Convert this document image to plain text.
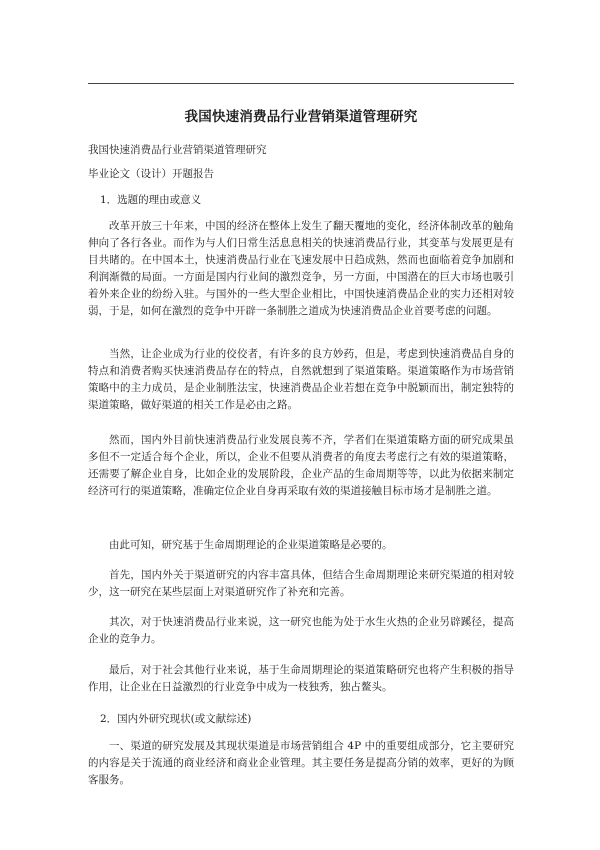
我国快速消费品行业营销渠道管理研究
我国快速消费品行业营销渠道管理研究
毕业论文（设计）开题报告
1．选题的理由或意义

改革开放三十年来，中国的经济在整体上发生了翻天覆地的变化，经济体制改革的触角伸向了各行各业。而作为与人们日常生活息息相关的快速消费品行业，其变革与发展更是有目共睹的。在中国本土，快速消费品行业在飞速发展中日趋成熟，然而也面临着竞争加剧和利润渐微的局面。一方面是国内行业间的激烈竞争，另一方面，中国潜在的巨大市场也吸引着外来企业的纷纷入驻。与国外的一些大型企业相比，中国快速消费品企业的实力还相对较弱，于是，如何在激烈的竞争中开辟一条制胜之道成为快速消费品企业首要考虑的问题。

当然，让企业成为行业的佼佼者，有许多的良方妙药，但是，考虑到快速消费品自身的特点和消费者购买快速消费品存在的特点，自然就想到了渠道策略。渠道策略作为市场营销策略中的主力成员，是企业制胜法宝，快速消费品企业若想在竞争中脱颖而出，制定独特的渠道策略，做好渠道的相关工作是必由之路。

然而，国内外目前快速消费品行业发展良莠不齐，学者们在渠道策略方面的研究成果虽多但不一定适合每个企业，所以，企业不但要从消费者的角度去考虑行之有效的渠道策略，还需要了解企业自身，比如企业的发展阶段，企业产品的生命周期等等，以此为依据来制定经济可行的渠道策略，准确定位企业自身再采取有效的渠道接触目标市场才是制胜之道。

由此可知，研究基于生命周期理论的企业渠道策略是必要的。

首先，国内外关于渠道研究的内容丰富具体，但结合生命周期理论来研究渠道的相对较少，这一研究在某些层面上对渠道研究作了补充和完善。

其次，对于快速消费品行业来说，这一研究也能为处于水生火热的企业另辟蹊径，提高企业的竞争力。

最后，对于社会其他行业来说，基于生命周期理论的渠道策略研究也将产生积极的指导作用，让企业在日益激烈的行业竞争中成为一枝独秀，独占鳌头。

2．国内外研究现状(或文献综述)

一、渠道的研究发展及其现状渠道是市场营销组合 4P 中的重要组成部分，它主要研究的内容是关于流通的商业经济和商业企业管理。其主要任务是提高分销的效率，更好的为顾客服务。
